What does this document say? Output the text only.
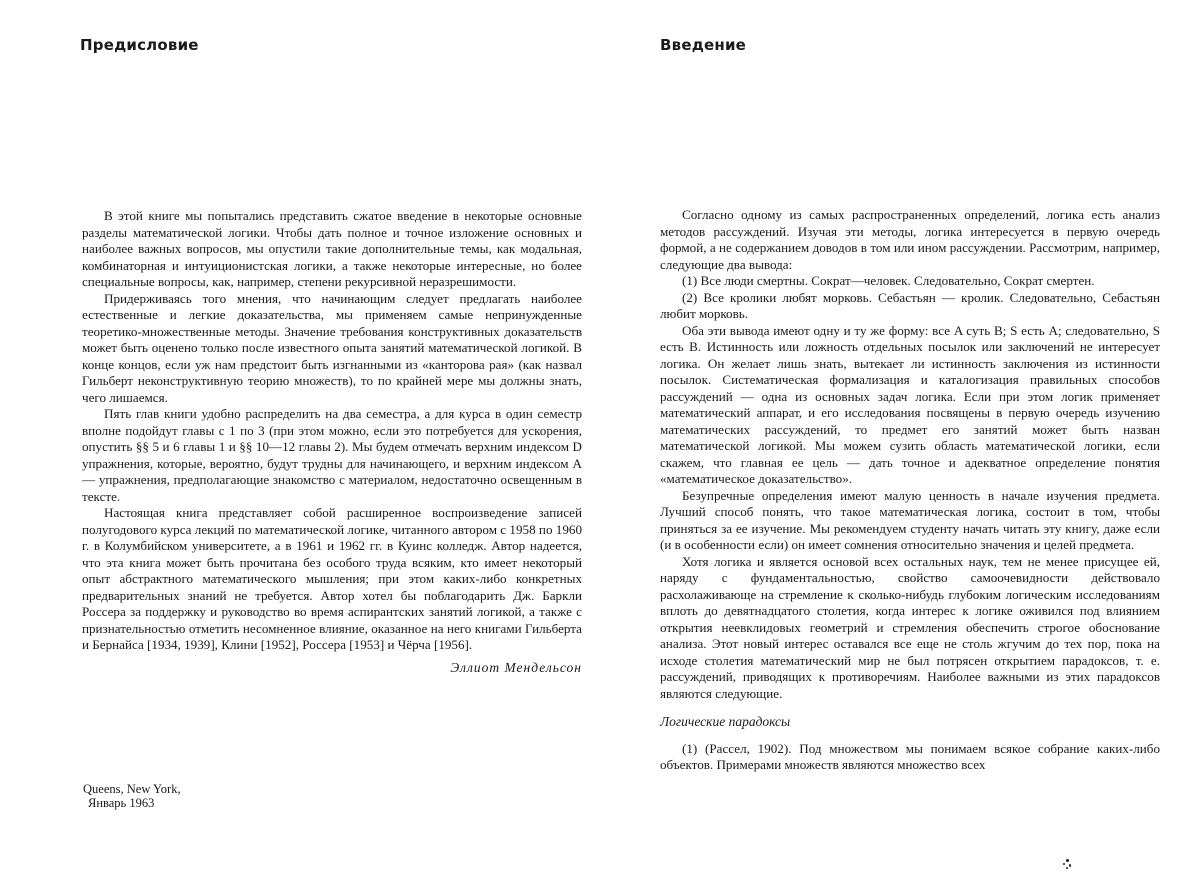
Предисловие

В этой книге мы попытались представить сжатое введение в некоторые основные разделы математической логики. Чтобы дать полное и точное изложение основных и наиболее важных вопросов, мы опустили такие дополнительные темы, как модальная, комбинаторная и интуиционистская логики, а также некоторые интересные, но более специальные вопросы, как, например, степени рекурсивной неразрешимости.

Придерживаясь того мнения, что начинающим следует предлагать наиболее естественные и легкие доказательства, мы применяем самые непринужденные теоретико-множественные методы. Значение требования конструктивных доказательств может быть оценено только после известного опыта занятий математической логикой. В конце концов, если уж нам предстоит быть изгнанными из «канторова рая» (как назвал Гильберт неконструктивную теорию множеств), то по крайней мере мы должны знать, чего лишаемся.

Пять глав книги удобно распределить на два семестра, а для курса в один семестр вполне подойдут главы с 1 по 3 (при этом можно, если это потребуется для ускорения, опустить §§ 5 и 6 главы 1 и §§ 10—12 главы 2). Мы будем отмечать верхним индексом D упражнения, которые, вероятно, будут трудны для начинающего, и верхним индексом А — упражнения, предполагающие знакомство с материалом, недостаточно освещенным в тексте.

Настоящая книга представляет собой расширенное воспроизведение записей полугодового курса лекций по математической логике, читанного автором с 1958 по 1960 г. в Колумбийском университете, а в 1961 и 1962 гг. в Куинс колледж. Автор надеется, что эта книга может быть прочитана без особого труда всяким, кто имеет некоторый опыт абстрактного математического мышления; при этом каких-либо конкретных предварительных знаний не требуется. Автор хотел бы поблагодарить Дж. Баркли Россера за поддержку и руководство во время аспирантских занятий логикой, а также с признательностью отметить несомненное влияние, оказанное на него книгами Гильберта и Бернайса [1934, 1939], Клини [1952], Россера [1953] и Чёрча [1956].

Эллиот Мендельсон
Queens, New York,
Январь 1963
Введение

Согласно одному из самых распространенных определений, логика есть анализ методов рассуждений. Изучая эти методы, логика интересуется в первую очередь формой, а не содержанием доводов в том или ином рассуждении. Рассмотрим, например, следующие два вывода:

(1) Все люди смертны. Сократ—человек. Следовательно, Сократ смертен.

(2) Все кролики любят морковь. Себастьян — кролик. Следовательно, Себастьян любит морковь.

Оба эти вывода имеют одну и ту же форму: все A суть B; S есть A; следовательно, S есть B. Истинность или ложность отдельных посылок или заключений не интересует логика. Он желает лишь знать, вытекает ли истинность заключения из истинности посылок. Систематическая формализация и каталогизация правильных способов рассуждений — одна из основных задач логика. Если при этом логик применяет математический аппарат, и его исследования посвящены в первую очередь изучению математических рассуждений, то предмет его занятий может быть назван математической логикой. Мы можем сузить область математической логики, если скажем, что главная ее цель — дать точное и адекватное определение понятия «математическое доказательство».

Безупречные определения имеют малую ценность в начале изучения предмета. Лучший способ понять, что такое математическая логика, состоит в том, чтобы приняться за ее изучение. Мы рекомендуем студенту начать читать эту книгу, даже если (и в особенности если) он имеет сомнения относительно значения и целей предмета.

Хотя логика и является основой всех остальных наук, тем не менее присущее ей, наряду с фундаментальностью, свойство самоочевидности действовало расхолаживающе на стремление к сколько-нибудь глубоким логическим исследованиям вплоть до девятнадцатого столетия, когда интерес к логике оживился под влиянием открытия неевклидовых геометрий и стремления обеспечить строгое обоснование анализа. Этот новый интерес оставался все еще не столь жгучим до тех пор, пока на исходе столетия математический мир не был потрясен открытием парадоксов, т. е. рассуждений, приводящих к противоречиям. Наиболее важными из этих парадоксов являются следующие.

Логические парадоксы

(1) (Рассел, 1902). Под множеством мы понимаем всякое собрание каких-либо объектов. Примерами множеств являются множество всех
